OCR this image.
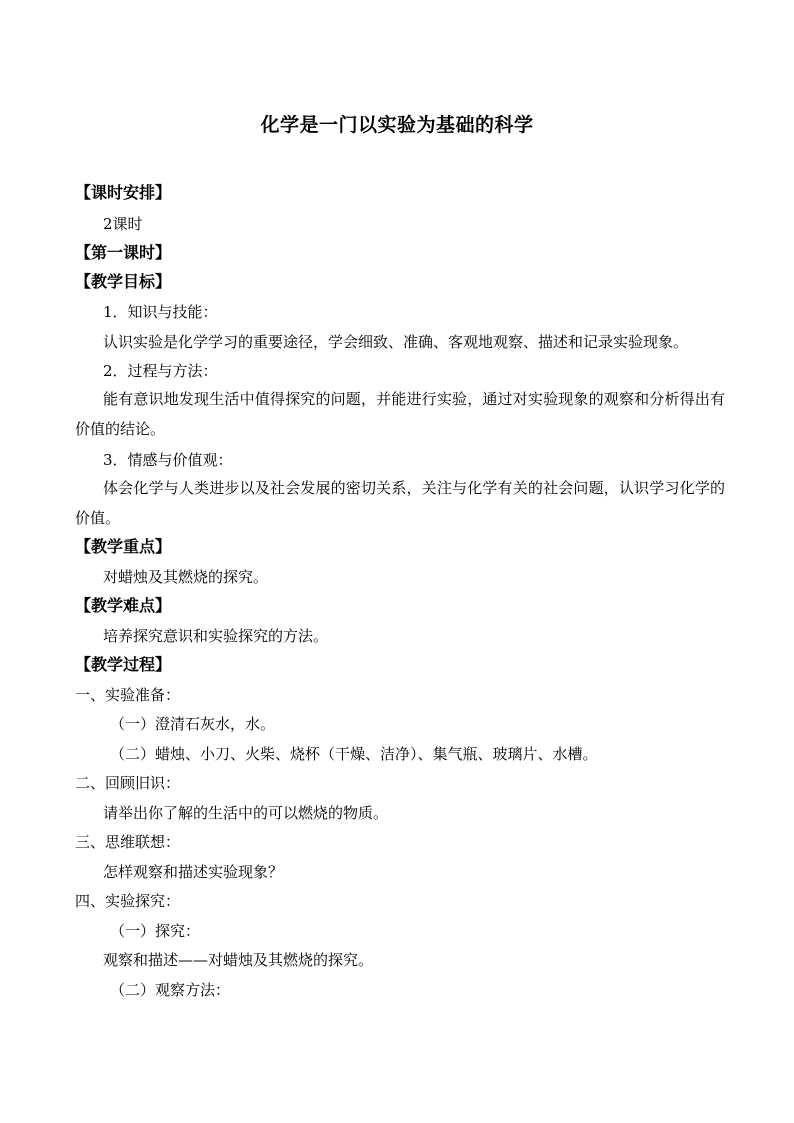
化学是一门以实验为基础的科学
【课时安排】
2课时
【第一课时】
【教学目标】
1．知识与技能：
认识实验是化学学习的重要途径，学会细致、准确、客观地观察、描述和记录实验现象。
2．过程与方法：
能有意识地发现生活中值得探究的问题，并能进行实验，通过对实验现象的观察和分析得出有价值的结论。
3．情感与价值观：
体会化学与人类进步以及社会发展的密切关系，关注与化学有关的社会问题，认识学习化学的价值。
【教学重点】
对蜡烛及其燃烧的探究。
【教学难点】
培养探究意识和实验探究的方法。
【教学过程】
一、实验准备：
（一）澄清石灰水，水。
（二）蜡烛、小刀、火柴、烧杯（干燥、洁净）、集气瓶、玻璃片、水槽。
二、回顾旧识：
请举出你了解的生活中的可以燃烧的物质。
三、思维联想：
怎样观察和描述实验现象？
四、实验探究：
（一）探究：
观察和描述——对蜡烛及其燃烧的探究。
（二）观察方法：
